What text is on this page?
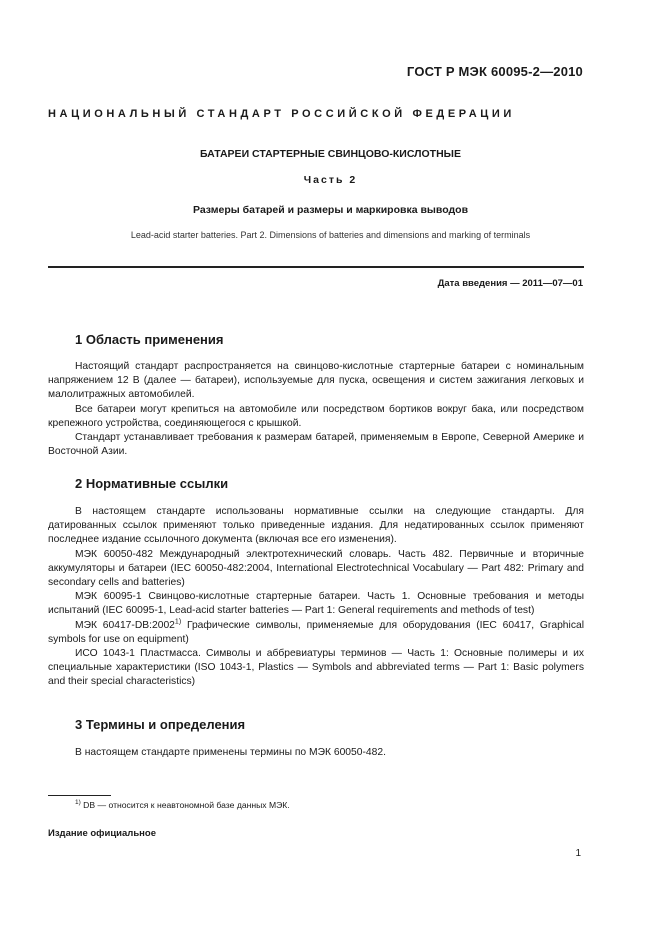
ГОСТ Р МЭК 60095-2—2010
НАЦИОНАЛЬНЫЙ СТАНДАРТ РОССИЙСКОЙ ФЕДЕРАЦИИ
БАТАРЕИ СТАРТЕРНЫЕ СВИНЦОВО-КИСЛОТНЫЕ
Часть 2
Размеры батарей и размеры и маркировка выводов
Lead-acid starter batteries. Part 2. Dimensions of batteries and dimensions and marking of terminals
Дата введения — 2011—07—01
1 Область применения

Настоящий стандарт распространяется на свинцово-кислотные стартерные батареи с номинальным напряжением 12 В (далее — батареи), используемые для пуска, освещения и систем зажигания легковых и малолитражных автомобилей.

Все батареи могут крепиться на автомобиле или посредством бортиков вокруг бака, или посредством крепежного устройства, соединяющегося с крышкой.

Стандарт устанавливает требования к размерам батарей, применяемым в Европе, Северной Америке и Восточной Азии.

2 Нормативные ссылки

В настоящем стандарте использованы нормативные ссылки на следующие стандарты. Для датированных ссылок применяют только приведенные издания. Для недатированных ссылок применяют последнее издание ссылочного документа (включая все его изменения).

МЭК 60050-482 Международный электротехнический словарь. Часть 482. Первичные и вторичные аккумуляторы и батареи (IEC 60050-482:2004, International Electrotechnical Vocabulary — Part 482: Primary and secondary cells and batteries)

МЭК 60095-1 Свинцово-кислотные стартерные батареи. Часть 1. Основные требования и методы испытаний (IEC 60095-1, Lead-acid starter batteries — Part 1: General requirements and methods of test)

МЭК 60417-DB:2002$^{1)}$ Графические символы, применяемые для оборудования (IEC 60417, Graphical symbols for use on equipment)

ИСО 1043-1 Пластмасса. Символы и аббревиатуры терминов — Часть 1: Основные полимеры и их специальные характеристики (ISO 1043-1, Plastics — Symbols and abbreviated terms — Part 1: Basic polymers and their special characteristics)

3 Термины и определения

В настоящем стандарте применены термины по МЭК 60050-482.

$^{1)}$ DB — относится к неавтономной базе данных МЭК.
Издание официальное
1
